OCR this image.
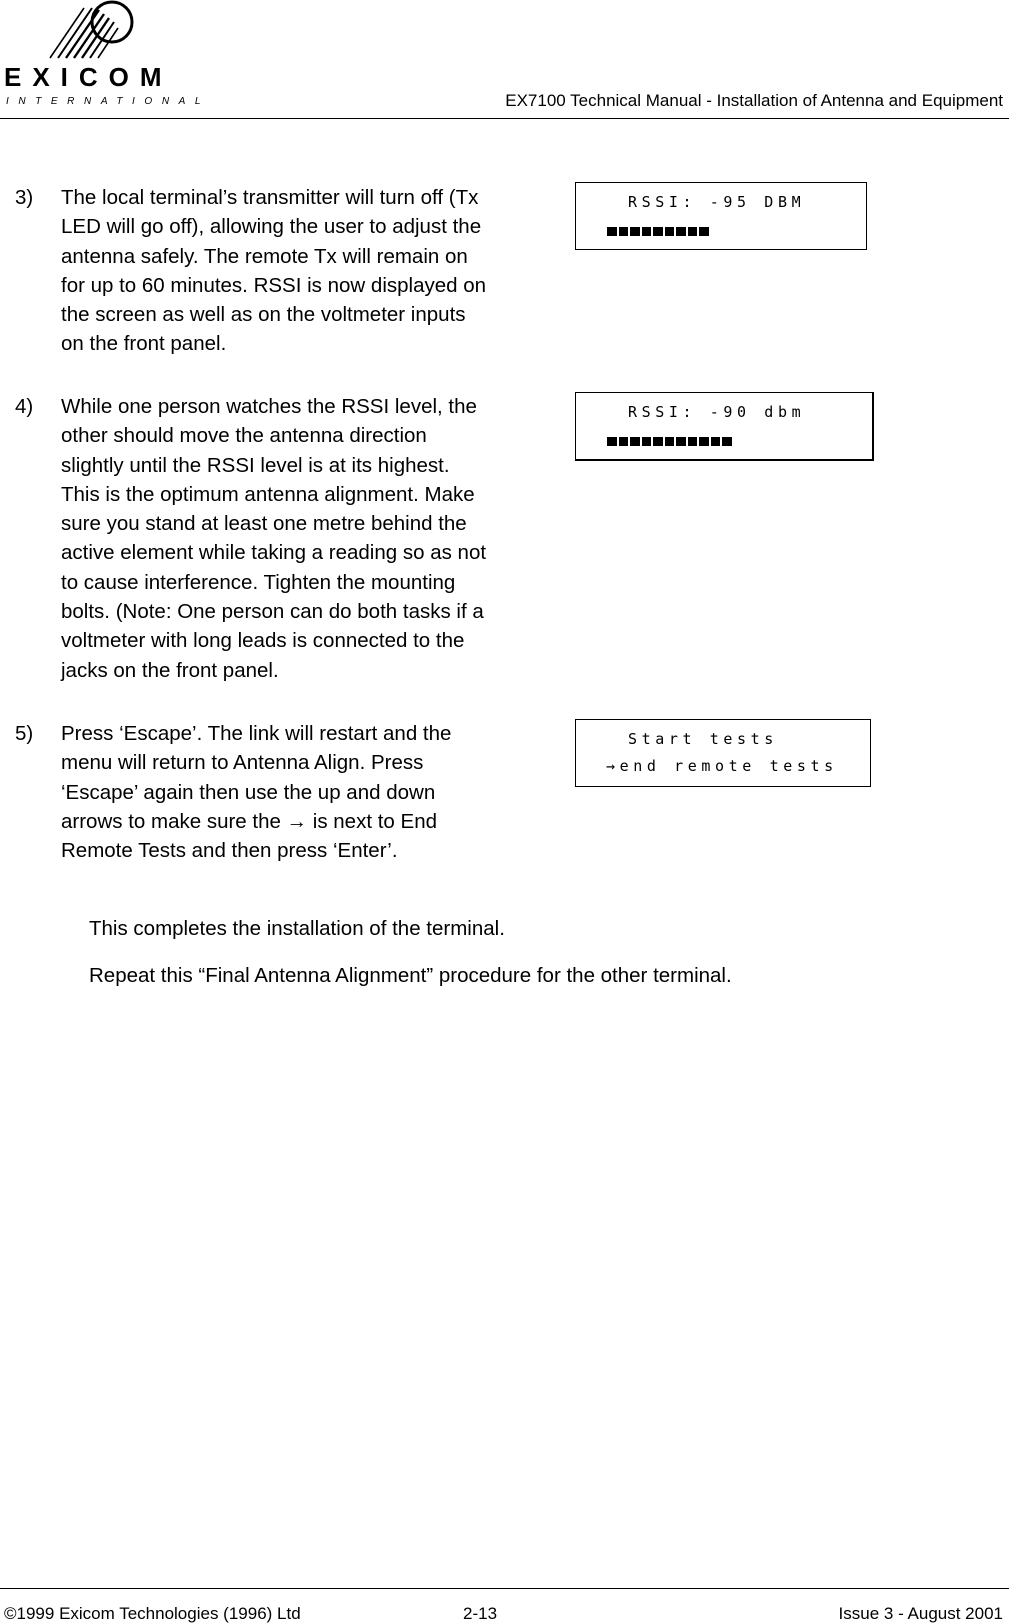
EXICOM
INTERNATIONAL	EX7100 Technical Manual - Installation of Antenna and Equipment
3) The local terminal’s transmitter will turn off (Tx LED will go off), allowing the user to adjust the antenna safely. The remote Tx will remain on for up to 60 minutes. RSSI is now displayed on the screen as well as on the voltmeter inputs on the front panel.
4) While one person watches the RSSI level, the other should move the antenna direction slightly until the RSSI level is at its highest. This is the optimum antenna alignment. Make sure you stand at least one metre behind the active element while taking a reading so as not to cause interference. Tighten the mounting bolts. (Note: One person can do both tasks if a voltmeter with long leads is connected to the jacks on the front panel.
5) Press ‘Escape’. The link will restart and the menu will return to Antenna Align. Press ‘Escape’ again then use the up and down arrows to make sure the → is next to End Remote Tests and then press ‘Enter’.
RSSI: -95 DBM
RSSI: -90 dbm
Start tests
→end remote tests
This completes the installation of the terminal.
Repeat this “Final Antenna Alignment” procedure for the other terminal.
©1999 Exicom Technologies (1996) Ltd	2-13	Issue 3 - August 2001
